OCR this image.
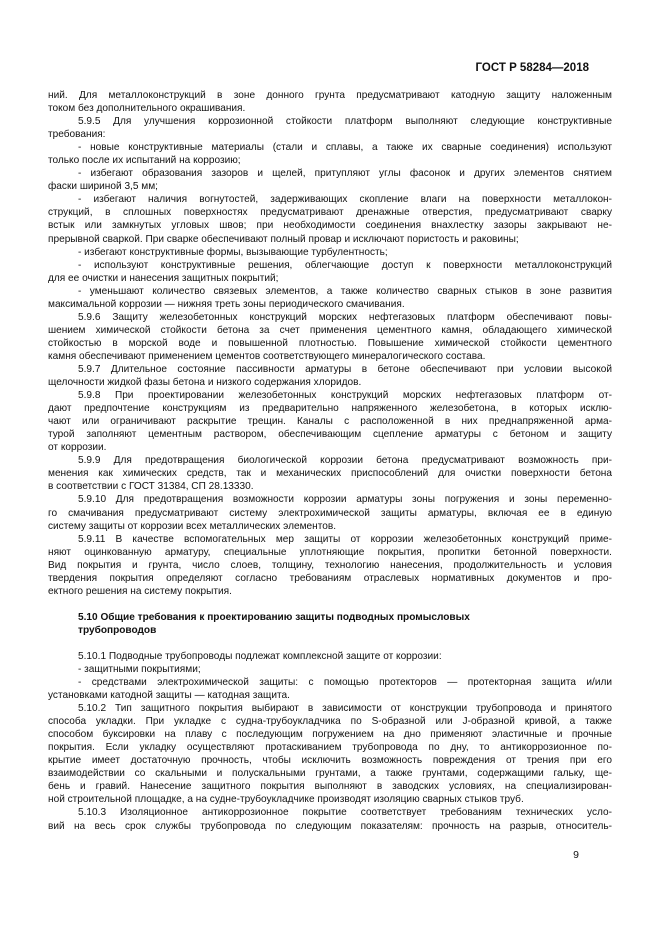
ГОСТ Р 58284—2018
ний. Для металлоконструкций в зоне донного грунта предусматривают катодную защиту наложенным
током без дополнительного окрашивания.
5.9.5 Для улучшения коррозионной стойкости платформ выполняют следующие конструктивные
требования:
- новые конструктивные материалы (стали и сплавы, а также их сварные соединения) используют
только после их испытаний на коррозию;
- избегают образования зазоров и щелей, притупляют углы фасонок и других элементов снятием
фаски шириной 3,5 мм;
- избегают наличия вогнутостей, задерживающих скопление влаги на поверхности металлокон-
струкций, в сплошных поверхностях предусматривают дренажные отверстия, предусматривают сварку
встык или замкнутых угловых швов; при необходимости соединения внахлестку зазоры закрывают не-
прерывной сваркой. При сварке обеспечивают полный провар и исключают пористость и раковины;
- избегают конструктивные формы, вызывающие турбулентность;
- используют конструктивные решения, облегчающие доступ к поверхности металлоконструкций
для ее очистки и нанесения защитных покрытий;
- уменьшают количество связевых элементов, а также количество сварных стыков в зоне развития
максимальной коррозии — нижняя треть зоны периодического смачивания.
5.9.6 Защиту железобетонных конструкций морских нефтегазовых платформ обеспечивают повы-
шением химической стойкости бетона за счет применения цементного камня, обладающего химической
стойкостью в морской воде и повышенной плотностью. Повышение химической стойкости цементного
камня обеспечивают применением цементов соответствующего минералогического состава.
5.9.7 Длительное состояние пассивности арматуры в бетоне обеспечивают при условии высокой
щелочности жидкой фазы бетона и низкого содержания хлоридов.
5.9.8 При проектировании железобетонных конструкций морских нефтегазовых платформ от-
дают предпочтение конструкциям из предварительно напряженного железобетона, в которых исклю-
чают или ограничивают раскрытие трещин. Каналы с расположенной в них преднапряженной арма-
турой заполняют цементным раствором, обеспечивающим сцепление арматуры с бетоном и защиту
от коррозии.
5.9.9 Для предотвращения биологической коррозии бетона предусматривают возможность при-
менения как химических средств, так и механических приспособлений для очистки поверхности бетона
в соответствии с ГОСТ 31384, СП 28.13330.
5.9.10 Для предотвращения возможности коррозии арматуры зоны погружения и зоны переменно-
го смачивания предусматривают систему электрохимической защиты арматуры, включая ее в единую
систему защиты от коррозии всех металлических элементов.
5.9.11 В качестве вспомогательных мер защиты от коррозии железобетонных конструкций приме-
няют оцинкованную арматуру, специальные уплотняющие покрытия, пропитки бетонной поверхности.
Вид покрытия и грунта, число слоев, толщину, технологию нанесения, продолжительность и условия
твердения покрытия определяют согласно требованиям отраслевых нормативных документов и про-
ектного решения на систему покрытия.
5.10 Общие требования к проектированию защиты подводных промысловых
трубопроводов
5.10.1 Подводные трубопроводы подлежат комплексной защите от коррозии:
- защитными покрытиями;
- средствами электрохимической защиты: с помощью протекторов — протекторная защита и/или
установками катодной защиты — катодная защита.
5.10.2 Тип защитного покрытия выбирают в зависимости от конструкции трубопровода и принятого
способа укладки. При укладке с судна-трубоукладчика по S-образной или J-образной кривой, а также
способом буксировки на плаву с последующим погружением на дно применяют эластичные и прочные
покрытия. Если укладку осуществляют протаскиванием трубопровода по дну, то антикоррозионное по-
крытие имеет достаточную прочность, чтобы исключить возможность повреждения от трения при его
взаимодействии со скальными и полускальными грунтами, а также грунтами, содержащими гальку, ще-
бень и гравий. Нанесение защитного покрытия выполняют в заводских условиях, на специализирован-
ной строительной площадке, а на судне-трубоукладчике производят изоляцию сварных стыков труб.
5.10.3 Изоляционное антикоррозионное покрытие соответствует требованиям технических усло-
вий на весь срок службы трубопровода по следующим показателям: прочность на разрыв, относитель-
9
